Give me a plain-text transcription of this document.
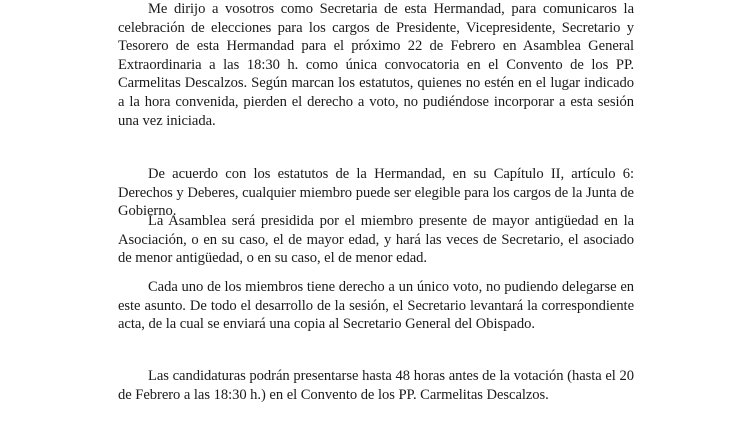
Me dirijo a vosotros como Secretaria de esta Hermandad, para comunicaros la celebración de elecciones para los cargos de Presidente, Vicepresidente, Secretario y Tesorero de esta Hermandad para el próximo 22 de Febrero en Asamblea General Extraordinaria a las 18:30 h. como única convocatoria en el Convento de los PP. Carmelitas Descalzos. Según marcan los estatutos, quienes no estén en el lugar indicado a la hora convenida, pierden el derecho a voto, no pudiéndose incorporar a esta sesión una vez iniciada.

De acuerdo con los estatutos de la Hermandad, en su Capítulo II, artículo 6: Derechos y Deberes, cualquier miembro puede ser elegible para los cargos de la Junta de Gobierno.

La Asamblea será presidida por el miembro presente de mayor antigüedad en la Asociación, o en su caso, el de mayor edad, y hará las veces de Secretario, el asociado de menor antigüedad, o en su caso, el de menor edad.

Cada uno de los miembros tiene derecho a un único voto, no pudiendo delegarse en este asunto. De todo el desarrollo de la sesión, el Secretario levantará la correspondiente acta, de la cual se enviará una copia al Secretario General del Obispado.

Las candidaturas podrán presentarse hasta 48 horas antes de la votación (hasta el 20 de Febrero a las 18:30 h.) en el Convento de los PP. Carmelitas Descalzos.
